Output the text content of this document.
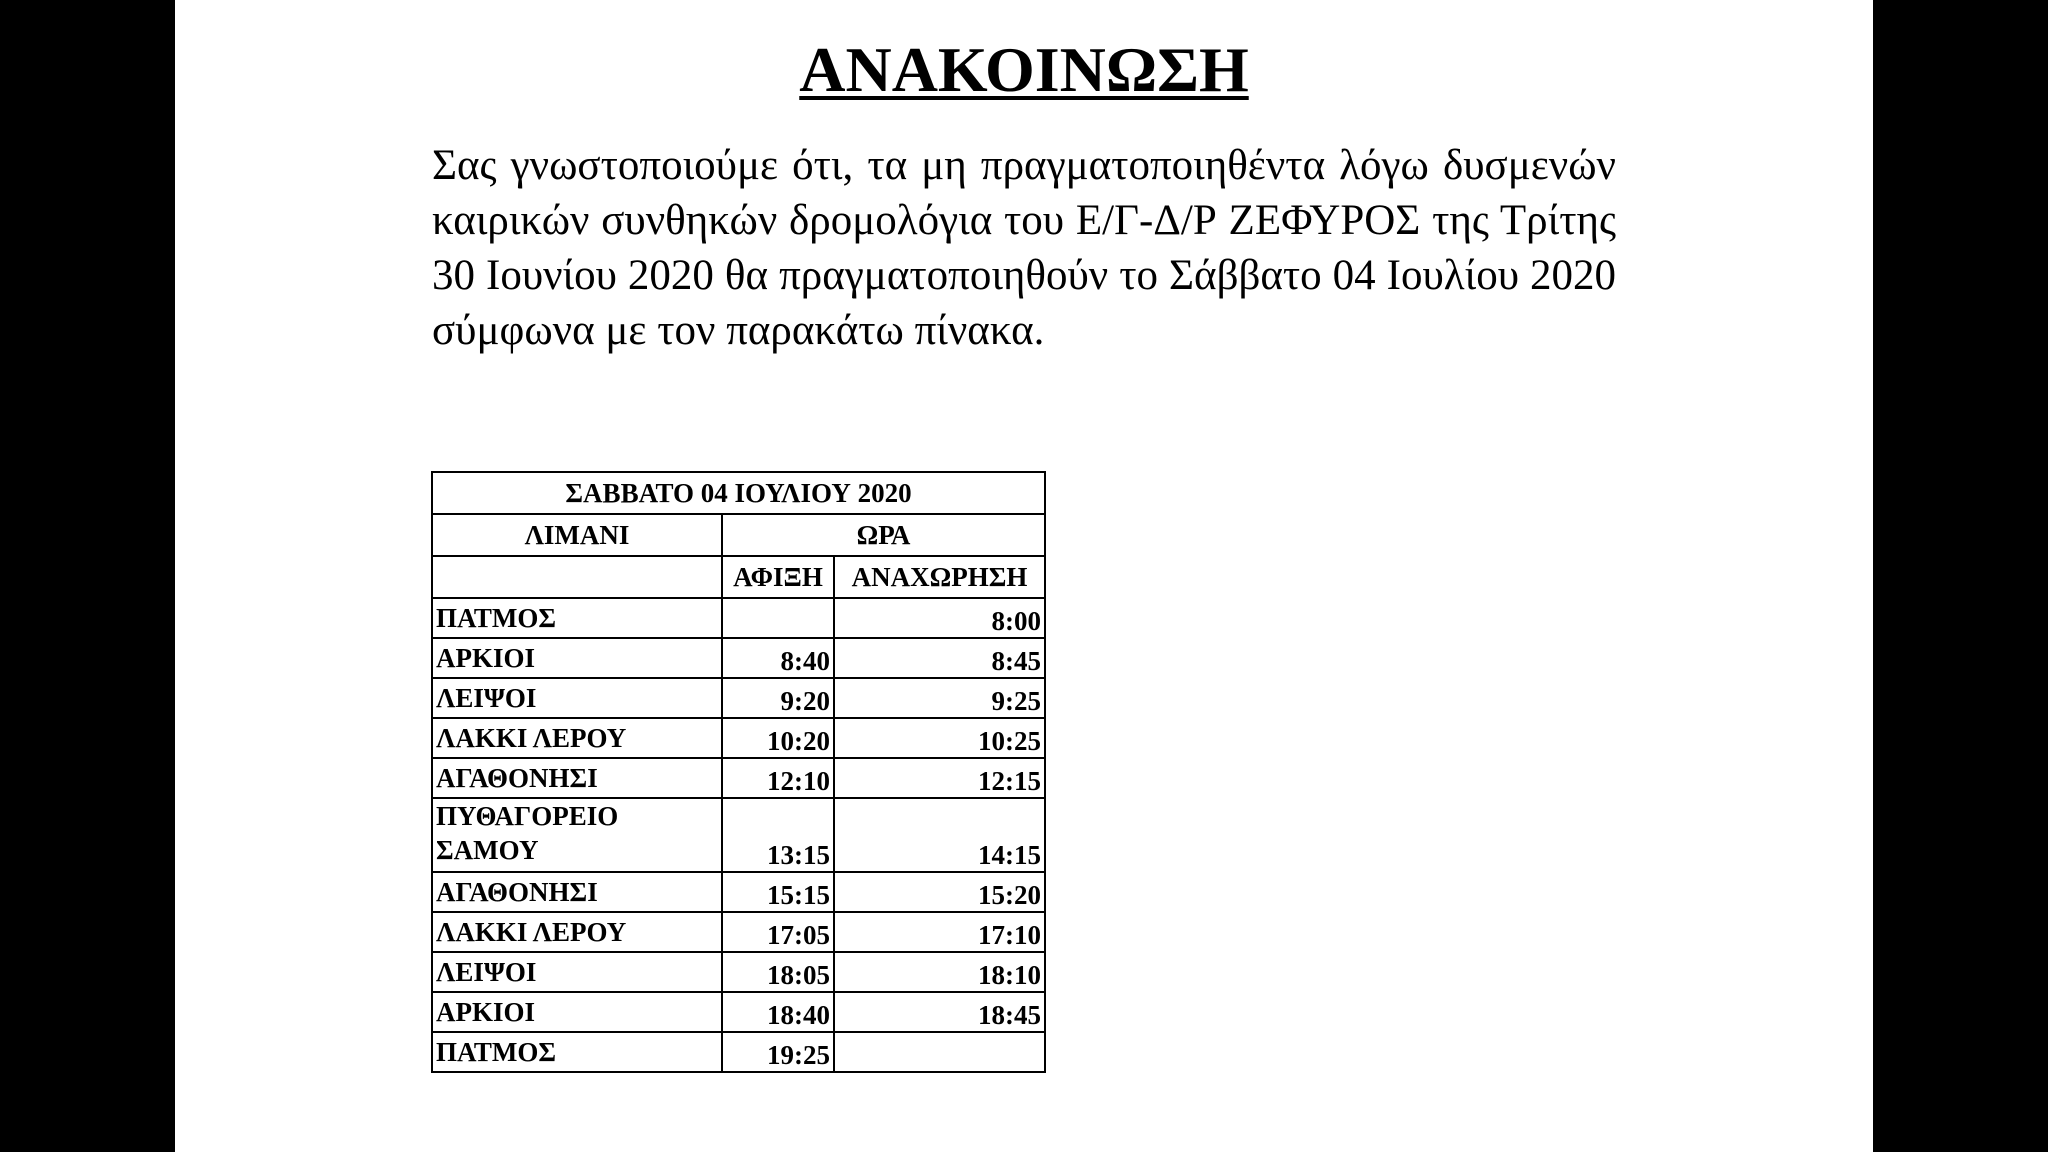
ΑΝΑΚΟΙΝΩΣΗ

Σας γνωστοποιούμε ότι, τα μη πραγματοποιηθέντα λόγω δυσμενών καιρικών συνθηκών δρομολόγια του Ε/Γ-Δ/Ρ ΖΕΦΥΡΟΣ της Τρίτης 30 Ιουνίου 2020 θα πραγματοποιηθούν το Σάββατο 04 Ιουλίου 2020 σύμφωνα με τον παρακάτω πίνακα.

ΣΑΒΒΑΤΟ 04 ΙΟΥΛΙΟΥ 2020		
ΛΙΜΑΝΙ	ΩΡΑ	
	ΑΦΙΞΗ	ΑΝΑΧΩΡΗΣΗ
ΠΑΤΜΟΣ		8:00
ΑΡΚΙΟΙ	8:40	8:45
ΛΕΙΨΟΙ	9:20	9:25
ΛΑΚΚΙ ΛΕΡΟΥ	10:20	10:25
ΑΓΑΘΟΝΗΣΙ	12:10	12:15
ΠΥΘΑΓΟΡΕΙΟ ΣΑΜΟΥ	13:15	14:15
ΑΓΑΘΟΝΗΣΙ	15:15	15:20
ΛΑΚΚΙ ΛΕΡΟΥ	17:05	17:10
ΛΕΙΨΟΙ	18:05	18:10
ΑΡΚΙΟΙ	18:40	18:45
ΠΑΤΜΟΣ	19:25	
